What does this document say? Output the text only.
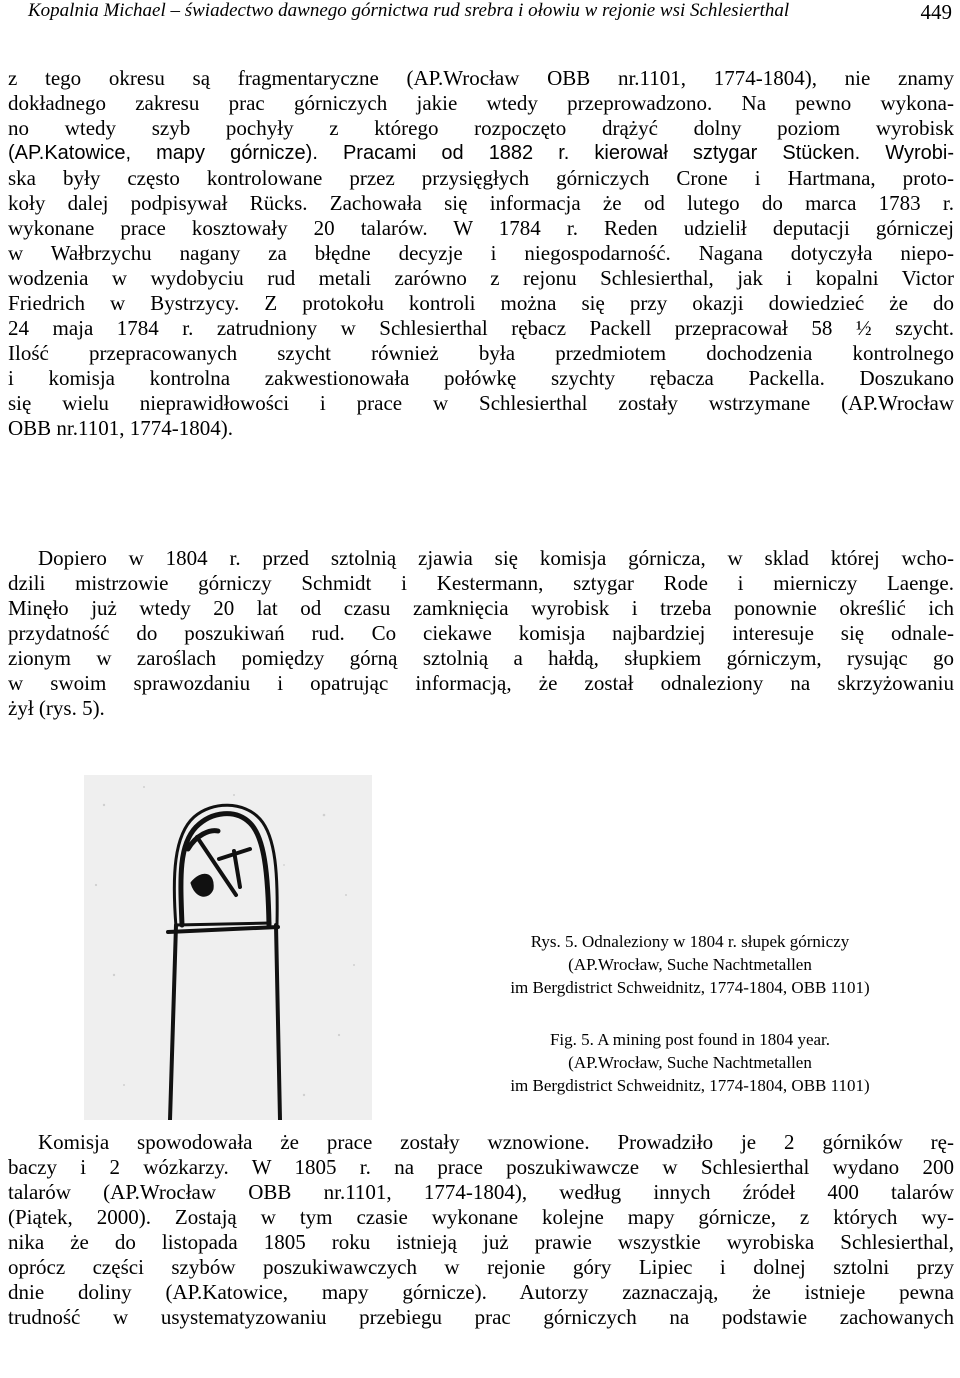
Kopalnia Michael – świadectwo dawnego górnictwa rud srebra i ołowiu w rejonie wsi Schlesierthal	449
z tego okresu są fragmentaryczne (AP.Wrocław OBB nr.1101, 1774-1804), nie znamy
dokładnego zakresu prac górniczych jakie wtedy przeprowadzono. Na pewno wykona-
no wtedy szyb pochyły z którego rozpoczęto drążyć dolny poziom wyrobisk
(AP.Katowice, mapy górnicze). Pracami od 1882 r. kierował sztygar Stücken. Wyrobi-
ska były często kontrolowane przez przysięgłych górniczych Crone i Hartmana, proto-
koły dalej podpisywał Rücks. Zachowała się informacja że od lutego do marca 1783 r.
wykonane prace kosztowały 20 talarów. W 1784 r. Reden udzielił deputacji górniczej
w Wałbrzychu nagany za błędne decyzje i niegospodarność. Nagana dotyczyła niepo-
wodzenia w wydobyciu rud metali zarówno z rejonu Schlesierthal, jak i kopalni Victor
Friedrich w Bystrzycy. Z protokołu kontroli można się przy okazji dowiedzieć że do
24 maja 1784 r. zatrudniony w Schlesierthal rębacz Packell przepracował 58 ½ szycht.
Ilość przepracowanych szycht również była przedmiotem dochodzenia kontrolnego
i komisja kontrolna zakwestionowała połówkę szychty rębacza Packella. Doszukano
się wielu nieprawidłowości i prace w Schlesierthal zostały wstrzymane (AP.Wrocław
OBB nr.1101, 1774-1804).
Dopiero w 1804 r. przed sztolnią zjawia się komisja górnicza, w sklad której wcho-
dzili mistrzowie górniczy Schmidt i Kestermann, sztygar Rode i mierniczy Laenge.
Minęło już wtedy 20 lat od czasu zamknięcia wyrobisk i trzeba ponownie określić ich
przydatność do poszukiwań rud. Co ciekawe komisja najbardziej interesuje się odnale-
zionym w zaroślach pomiędzy górną sztolnią a hałdą, słupkiem górniczym, rysując go
w swoim sprawozdaniu i opatrując informacją, że został odnaleziony na skrzyżowaniu
żył (rys. 5).
Rys. 5. Odnaleziony w 1804 r. słupek górniczy
(AP.Wrocław, Suche Nachtmetallen
im Bergdistrict Schweidnitz, 1774-1804, OBB 1101)
Fig. 5. A mining post found in 1804 year.
(AP.Wrocław, Suche Nachtmetallen
im Bergdistrict Schweidnitz, 1774-1804, OBB 1101)
Komisja spowodowała że prace zostały wznowione. Prowadziło je 2 górników rę-
baczy i 2 wózkarzy. W 1805 r. na prace poszukiwawcze w Schlesierthal wydano 200
talarów (AP.Wrocław OBB nr.1101, 1774-1804), według innych źródeł 400 talarów
(Piątek, 2000). Zostają w tym czasie wykonane kolejne mapy górnicze, z których wy-
nika że do listopada 1805 roku istnieją już prawie wszystkie wyrobiska Schlesierthal,
oprócz części szybów poszukiwawczych w rejonie góry Lipiec i dolnej sztolni przy
dnie doliny (AP.Katowice, mapy górnicze). Autorzy zaznaczają, że istnieje pewna
trudność w usystematyzowaniu przebiegu prac górniczych na podstawie zachowanych
